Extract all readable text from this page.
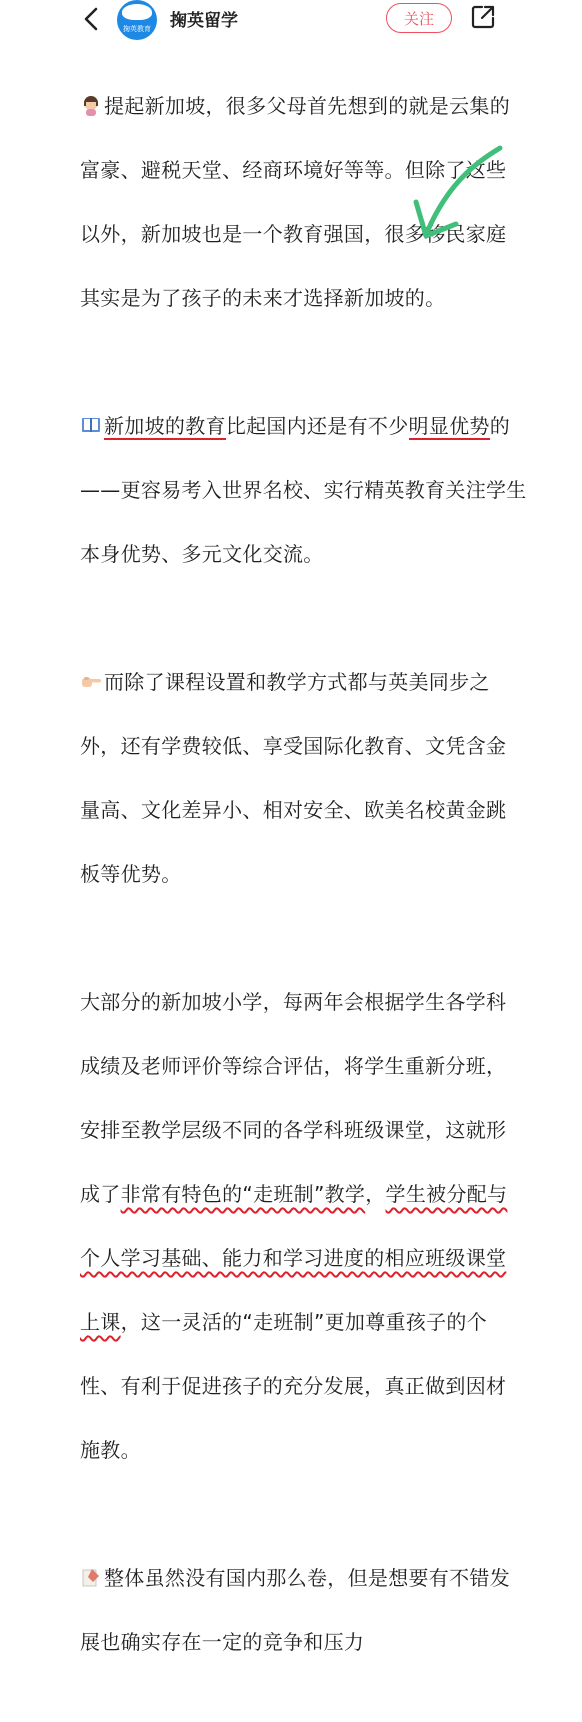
掬英教育	掬英留学	关注

提起新加坡，很多父母首先想到的就是云集的

富豪、避税天堂、经商环境好等等。但除了这些

以外，新加坡也是一个教育强国，很多移民家庭

其实是为了孩子的未来才选择新加坡的。

新加坡的教育比起国内还是有不少明显优势的

——更容易考入世界名校、实行精英教育关注学生

本身优势、多元文化交流。

而除了课程设置和教学方式都与英美同步之

外，还有学费较低、享受国际化教育、文凭含金

量高、文化差异小、相对安全、欧美名校黄金跳

板等优势。

大部分的新加坡小学，每两年会根据学生各学科

成绩及老师评价等综合评估，将学生重新分班，

安排至教学层级不同的各学科班级课堂，这就形

成了非常有特色的“走班制”教学，学生被分配与

个人学习基础、能力和学习进度的相应班级课堂

上课，这一灵活的“走班制”更加尊重孩子的个

性、有利于促进孩子的充分发展，真正做到因材

施教。

整体虽然没有国内那么卷，但是想要有不错发

展也确实存在一定的竞争和压力
